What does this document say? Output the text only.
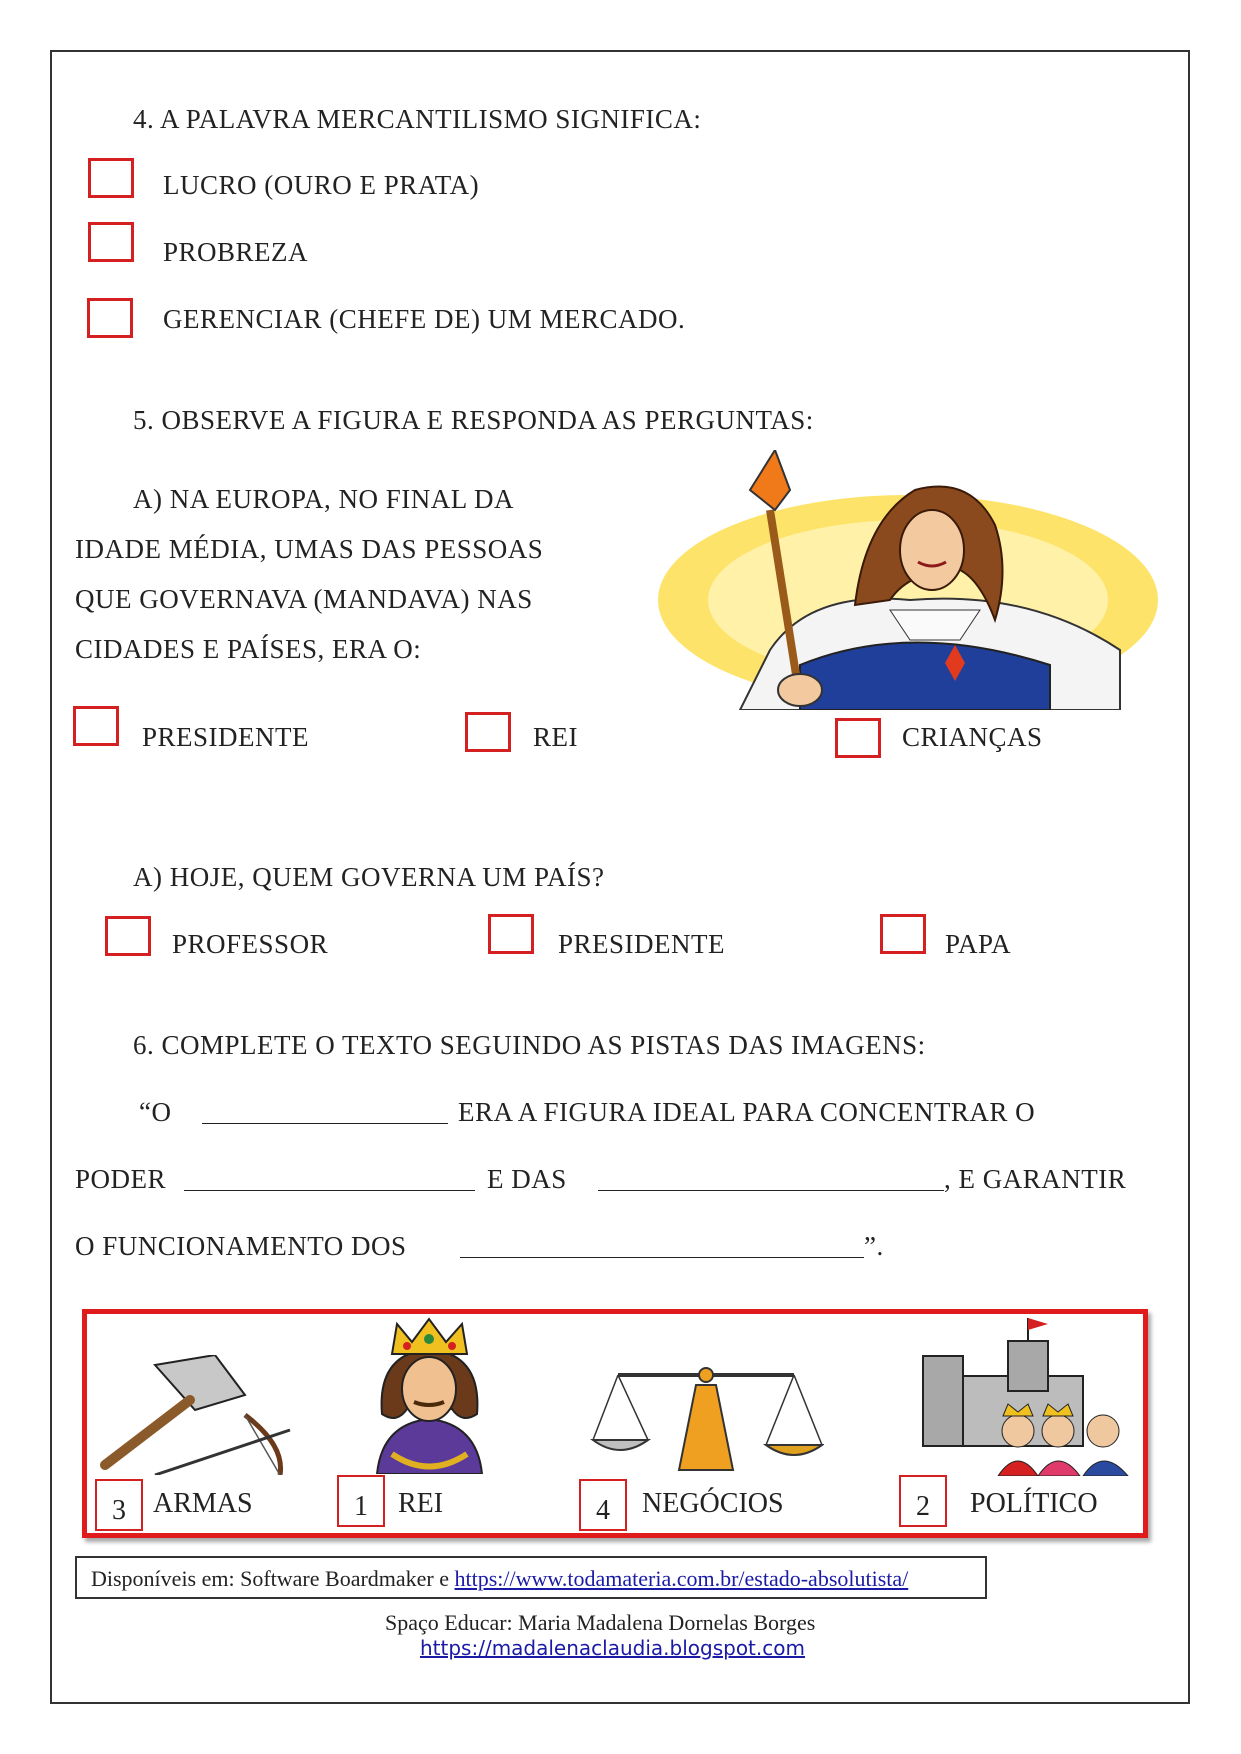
4. A PALAVRA MERCANTILISMO SIGNIFICA:
LUCRO (OURO E PRATA)
PROBREZA
GERENCIAR (CHEFE DE) UM MERCADO.
5. OBSERVE A FIGURA E RESPONDA AS PERGUNTAS:
A) NA EUROPA, NO FINAL DA
IDADE MÉDIA, UMAS DAS PESSOAS
QUE GOVERNAVA (MANDAVA) NAS
CIDADES E PAÍSES, ERA O:
PRESIDENTE	REI	CRIANÇAS
A) HOJE, QUEM GOVERNA UM PAÍS?
PROFESSOR	PRESIDENTE	PAPA
6. COMPLETE O TEXTO SEGUINDO AS PISTAS DAS IMAGENS:
“O	ERA A FIGURA IDEAL PARA CONCENTRAR O
PODER	E DAS	, E GARANTIR
O FUNCIONAMENTO DOS	”.
3 ARMAS	1	REI	4	NEGÓCIOS	2	POLÍTICO
Disponíveis em: Software Boardmaker e https://www.todamateria.com.br/estado-absolutista/
Spaço Educar: Maria Madalena Dornelas Borges
https://madalenaclaudia.blogspot.com
